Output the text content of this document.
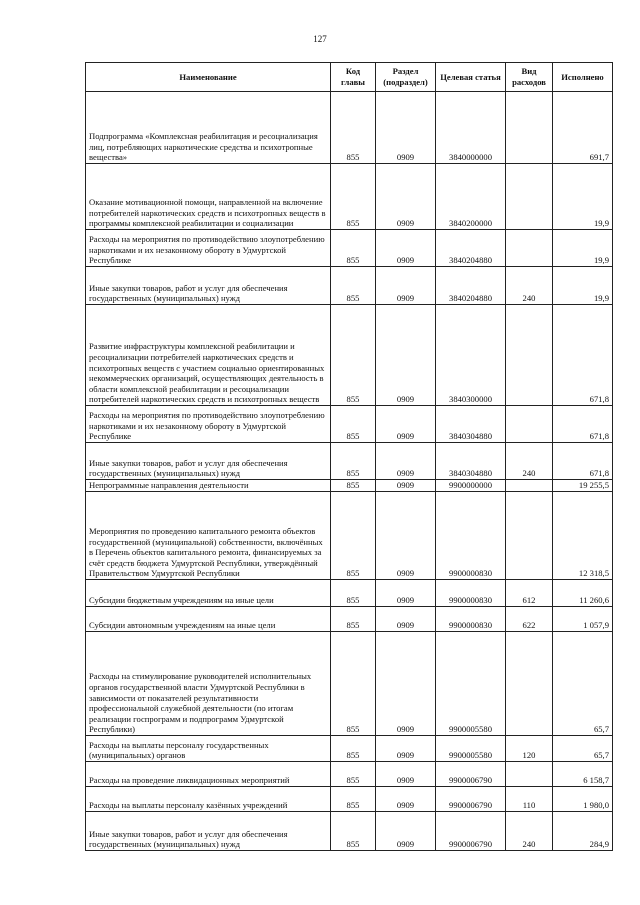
127
Наименование	Код главы	Раздел (подраздел)	Целевая статья	Вид расходов	Исполнено
Подпрограмма «Комплексная реабилитация и ресоциализация лиц, потребляющих наркотические средства и психотропные вещества»	855	0909	3840000000		691,7
Оказание мотивационной помощи, направленной на включение потребителей наркотических средств и психотропных веществ в программы комплексной реабилитации и социализации	855	0909	3840200000		19,9
Расходы на мероприятия по противодействию злоупотреблению наркотиками и их незаконному обороту в Удмуртской Республике	855	0909	3840204880		19,9
Иные закупки товаров, работ и услуг для обеспечения государственных (муниципальных) нужд	855	0909	3840204880	240	19,9
Развитие инфраструктуры комплексной реабилитации и ресоциализации потребителей наркотических средств и психотропных веществ с участием социально ориентированных некоммерческих организаций, осуществляющих деятельность в области комплексной реабилитации и ресоциализации потребителей наркотических средств и психотропных веществ	855	0909	3840300000		671,8
Расходы на мероприятия по противодействию злоупотреблению наркотиками и их незаконному обороту в Удмуртской Республике	855	0909	3840304880		671,8
Иные закупки товаров, работ и услуг для обеспечения государственных (муниципальных) нужд	855	0909	3840304880	240	671,8
Непрограммные направления деятельности	855	0909	9900000000		19 255,5
Мероприятия по проведению капитального ремонта объектов государственной (муниципальной) собственности, включённых в Перечень объектов капитального ремонта, финансируемых за счёт средств бюджета Удмуртской Республики, утверждённый Правительством Удмуртской Республики	855	0909	9900000830		12 318,5
Субсидии бюджетным учреждениям на иные цели	855	0909	9900000830	612	11 260,6
Субсидии автономным учреждениям на иные цели	855	0909	9900000830	622	1 057,9
Расходы на стимулирование руководителей исполнительных органов государственной власти Удмуртской Республики в зависимости от показателей результативности профессиональной служебной деятельности (по итогам реализации госпрограмм и подпрограмм Удмуртской Республики)	855	0909	9900005580		65,7
Расходы на выплаты персоналу государственных (муниципальных) органов	855	0909	9900005580	120	65,7
Расходы на проведение ликвидационных мероприятий	855	0909	9900006790		6 158,7
Расходы на выплаты персоналу казённых учреждений	855	0909	9900006790	110	1 980,0
Иные закупки товаров, работ и услуг для обеспечения государственных (муниципальных) нужд	855	0909	9900006790	240	284,9
